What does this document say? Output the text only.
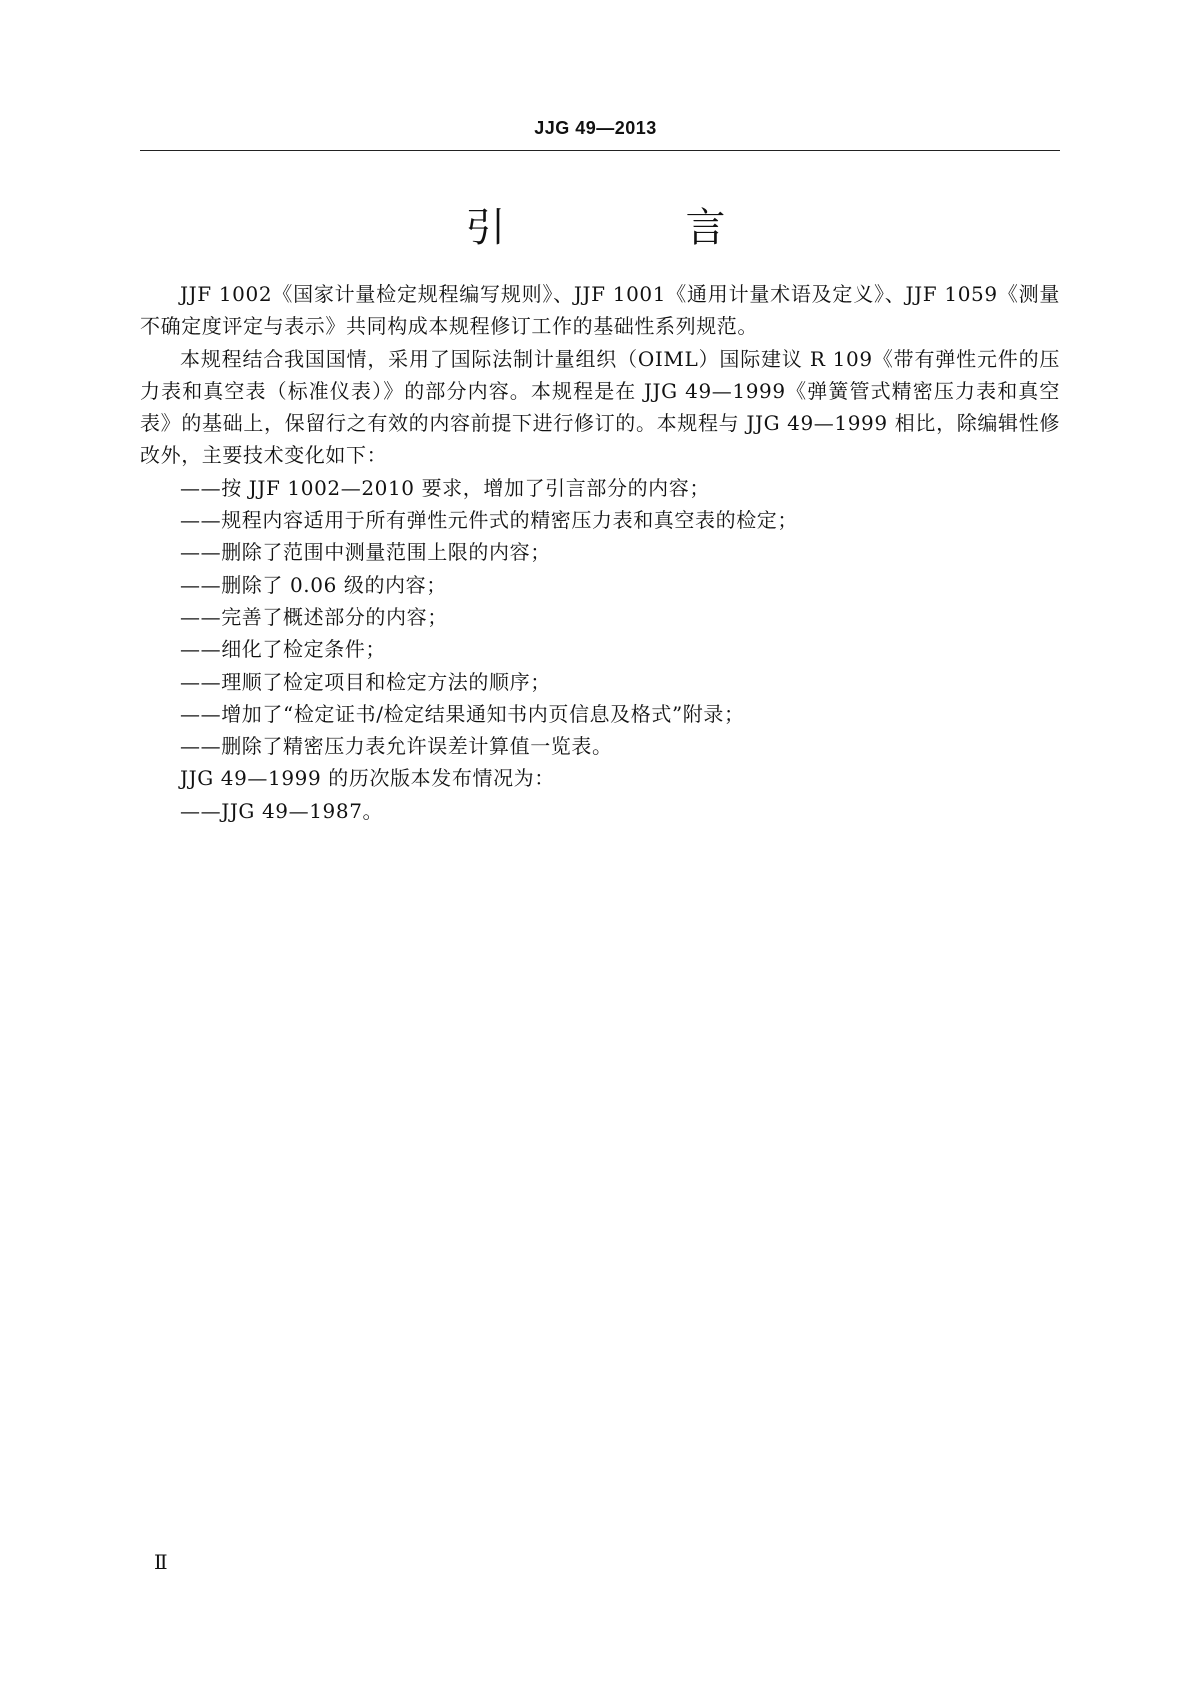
JJG 49—2013
引　言

JJF 1002《国家计量检定规程编写规则》、JJF 1001《通用计量术语及定义》、JJF 1059《测量不确定度评定与表示》共同构成本规程修订工作的基础性系列规范。

本规程结合我国国情，采用了国际法制计量组织（OIML）国际建议 R 109《带有弹性元件的压力表和真空表（标准仪表）》的部分内容。本规程是在 JJG 49—1999《弹簧管式精密压力表和真空表》的基础上，保留行之有效的内容前提下进行修订的。本规程与 JJG 49—1999 相比，除编辑性修改外，主要技术变化如下：

——按 JJF 1002—2010 要求，增加了引言部分的内容；

——规程内容适用于所有弹性元件式的精密压力表和真空表的检定；

——删除了范围中测量范围上限的内容；

——删除了 0.06 级的内容；

——完善了概述部分的内容；

——细化了检定条件；

——理顺了检定项目和检定方法的顺序；

——增加了“检定证书/检定结果通知书内页信息及格式”附录；

——删除了精密压力表允许误差计算值一览表。

JJG 49—1999 的历次版本发布情况为：

——JJG 49—1987。

Ⅱ
